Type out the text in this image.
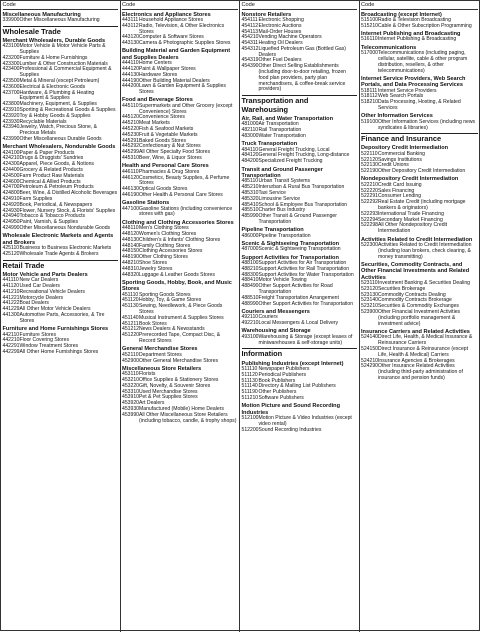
Code
Miscellaneous Manufacturing
339900 Other Miscellaneous Manufacturing
Wholesale Trade
Merchant Wholesalers, Durable Goods
423100 Motor Vehicle & Motor Vehicle Parts & Supplies
423200 Furniture & Home Furnishings
423300 Lumber & Other Construction Materials
423400 Professional & Commercial Equipment & Supplies
423500 Metal & Mineral (except Petroleum)
423600 Electrical & Electronic Goods
423700 Hardware, & Plumbing & Heating Equipment & Supplies
423800 Machinery, Equipment, & Supplies
423910 Sporting & Recreational Goods & Supplies
423920 Toy & Hobby Goods & Supplies
423930 Recyclable Materials
423940 Jewelry, Watch, Precious Stone, & Precious Metals
423990 Other Miscellaneous Durable Goods
Merchant Wholesalers, Nondurable Goods
424100 Paper & Paper Products
424210 Drugs & Druggists' Sundries
424300 Apparel, Piece Goods, & Notions
424400 Grocery & Related Products
424500 Farm Product Raw Materials
424600 Chemical & Allied Products
424700 Petroleum & Petroleum Products
424800 Beer, Wine, & Distilled Alcoholic Beverages
424910 Farm Supplies
424920 Book, Periodical, & Newspapers
424930 Flower, Nursery Stock, & Florists' Supplies
424940 Tobacco & Tobacco Products
424950 Paint, Varnish, & Supplies
424990 Other Miscellaneous Nondurable Goods
Wholesale Electronic Markets and Agents and Brokers
425110 Business to Business Electronic Markets
425120 Wholesale Trade Agents & Brokers
Retail Trade
Motor Vehicle and Parts Dealers
441110 New Car Dealers
441120 Used Car Dealers
441210 Recreational Vehicle Dealers
441221 Motorcycle Dealers
441222 Boat Dealers
441229 All Other Motor Vehicle Dealers
441300 Automotive Parts, Accessories, & Tire Stores
Furniture and Home Furnishings Stores
442110 Furniture Stores
442210 Floor Covering Stores
442291 Window Treatment Stores
442299 All Other Home Furnishings Stores
Code
Electronics and Appliance Stores
443111 Household Appliance Stores
443112 Radio, Television, & Other Electronics Stores
443120 Computer & Software Stores
443130 Camera & Photographic Supplies Stores
Building Material and Garden Equipment and Supplies Dealers
444110 Home Centers
444120 Paint & Wallpaper Stores
444130 Hardware Stores
444190 Other Building Material Dealers
444200 Lawn & Garden Equipment & Supplies Stores
Food and Beverage Stores
445110 Supermarkets and Other Grocery (except Convenience) Stores
445120 Convenience Stores
445210 Meat Markets
445220 Fish & Seafood Markets
445230 Fruit & Vegetable Markets
445291 Baked Goods Stores
445292 Confectionary & Nut Stores
445299 All Other Specialty Food Stores
445310 Beer, Wine, & Liquor Stores
Health and Personal Care Stores
446110 Pharmacies & Drug Stores
446120 Cosmetics, Beauty Supplies, & Perfume Stores
446130 Optical Goods Stores
446190 Other Health & Personal Care Stores
Gasoline Stations
447100 Gasoline Stations (including convenience stores with gas)
Clothing and Clothing Accessories Stores
448110 Men's Clothing Stores
448120 Women's Clothing Stores
448130 Children's & Infants' Clothing Stores
448140 Family Clothing Stores
448150 Clothing Accessories Stores
448190 Other Clothing Stores
448210 Shoe Stores
448310 Jewelry Stores
448320 Luggage & Leather Goods Stores
Sporting Goods, Hobby, Book, and Music Stores
451110 Sporting Goods Stores
451120 Hobby, Toy, & Game Stores
451130 Sewing, Needlework, & Piece Goods Stores
451140 Musical Instrument & Supplies Stores
451211 Book Stores
451212 News Dealers & Newsstands
451220 Prerecorded Tape, Compact Disc, & Record Stores
General Merchandise Stores
452110 Department Stores
452900 Other General Merchandise Stores
Miscellaneous Store Retailers
453110 Florists
453210 Office Supplies & Stationery Stores
453220 Gift, Novelty, & Souvenir Stores
453310 Used Merchandise Stores
453910 Pet & Pet Supplies Stores
453920 Art Dealers
453930 Manufactured (Mobile) Home Dealers
453990 All Other Miscellaneous Store Retailers (including tobacco, candle, & trophy shops)
Code
Nonstore Retailers
454111 Electronic Shopping
454112 Electronic Auctions
454113 Mail-Order Houses
454210 Vending Machine Operators
454311 Heating Oil Dealers
454312 Liquefied Petroleum Gas (Bottled Gas) Dealers
454319 Other Fuel Dealers
454390 Other Direct Selling Establishments (including door-to-door retailing, frozen food plan providers, party plan merchandisers, & coffee-break service providers)
Transportation and Warehousing
Air, Rail, and Water Transportation
481000 Air Transportation
482110 Rail Transportation
483000 Water Transportation
Truck Transportation
484110 General Freight Trucking, Local
484120 General Freight Trucking, Long-distance
484200 Specialized Freight Trucking
Transit and Ground Passenger Transportation
485110 Urban Transit Systems
485210 Interurban & Rural Bus Transportation
485310 Taxi Service
485320 Limousine Service
485410 School & Employee Bus Transportation
485510 Charter Bus Industry
485990 Other Transit & Ground Passenger Transportation
Pipeline Transportation
486000 Pipeline Transportation
Scenic & Sightseeing Transportation
487000 Scenic & Sightseeing Transportation
Support Activities for Transportation
488100 Support Activities for Air Transportation
488210 Support Activities for Rail Transportation
488300 Support Activities for Water Transportation
488410 Motor Vehicle Towing
488490 Other Support Activities for Road Transportation
488510 Freight Transportation Arrangement
488990 Other Support Activities for Transportation
Couriers and Messengers
492110 Couriers
492210 Local Messengers & Local Delivery
Warehousing and Storage
493100 Warehousing & Storage (except leases of miniwarehouses & self-storage units)
Information
Publishing Industries (except Internet)
511110 Newspaper Publishers
511120 Periodical Publishers
511130 Book Publishers
511140 Directory & Mailing List Publishers
511190 Other Publishers
511210 Software Publishers
Motion Picture and Sound Recording Industries
512100 Motion Picture & Video Industries (except video rental)
512200 Sound Recording Industries
Code
Broadcasting (except Internet)
515100 Radio & Television Broadcasting
515210 Cable & Other Subscription Programming
Internet Publishing and Broadcasting
516110 Internet Publishing & Broadcasting
Telecommunications
517000 Telecommunications (including paging, cellular, satellite, cable & other program distribution, resellers, & other telecommunications)
Internet Service Providers, Web Search Portals, and Data Processing Services
518111 Internet Service Providers
518112 Web Search Portals
518210 Data Processing, Hosting, & Related Services
Other Information Services
519100 Other Information Services (including news syndicates & libraries)
Finance and Insurance
Depository Credit Intermediation
522110 Commercial Banking
522120 Savings Institutions
522130 Credit Unions
522190 Other Depository Credit Intermediation
Nondepository Credit Intermediation
522210 Credit Card Issuing
522220 Sales Financing
522291 Consumer Lending
522292 Real Estate Credit (including mortgage bankers & originators)
522293 International Trade Financing
522294 Secondary Market Financing
522298 All Other Nondepository Credit Intermediation
Activities Related to Credit Intermediation
522300 Activities Related to Credit Intermediation (including loan brokers, check clearing, & money transmitting)
Securities, Commodity Contracts, and Other Financial Investments and Related Activities
523110 Investment Banking & Securities Dealing
523120 Securities Brokerage
523130 Commodity Contracts Dealing
523140 Commodity Contracts Brokerage
523210 Securities & Commodity Exchanges
523900 Other Financial Investment Activities (including portfolio management & investment advice)
Insurance Carriers and Related Activities
524140 Direct Life, Health, & Medical Insurance & Reinsurance Carriers
524150 Direct Insurance & Reinsurance (except Life, Health & Medical) Carriers
524210 Insurance Agencies & Brokerages
524290 Other Insurance Related Activities (including third-party administration of insurance and pension funds)
